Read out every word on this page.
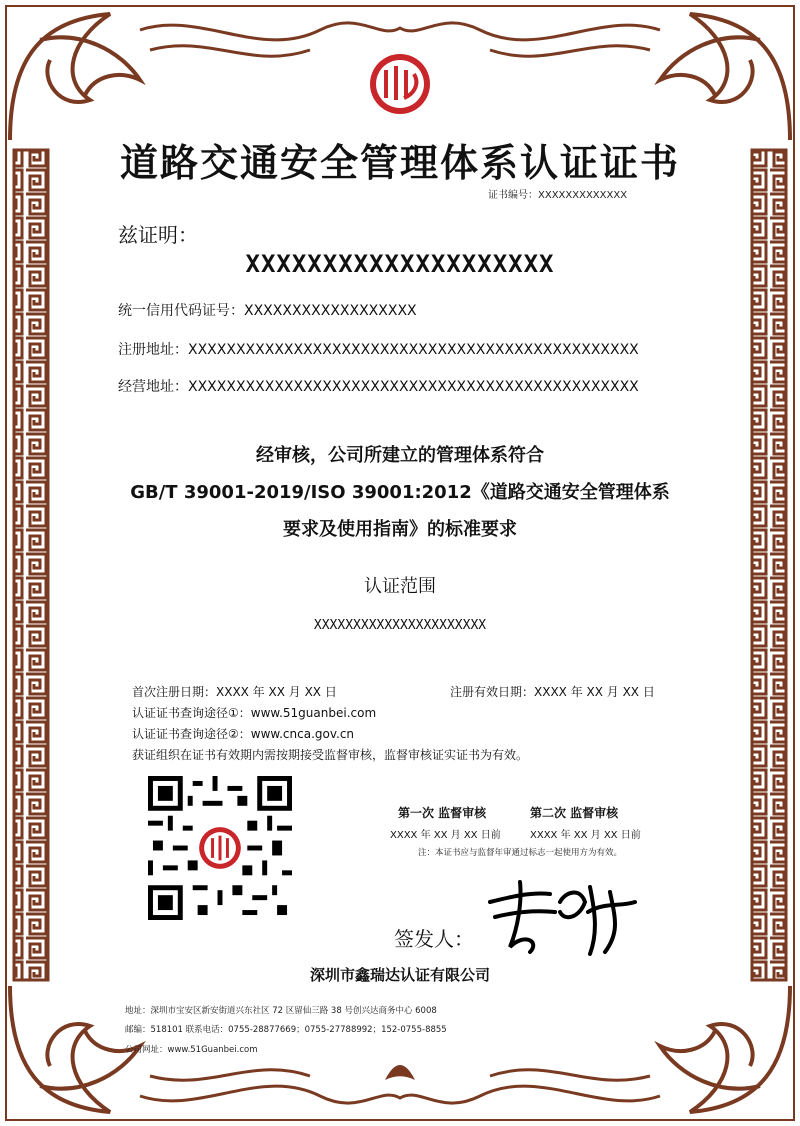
道路交通安全管理体系认证证书
证书编号：XXXXXXXXXXXXX
兹证明：
XXXXXXXXXXXXXXXXXXXX
统一信用代码证号：XXXXXXXXXXXXXXXXXX
注册地址：XXXXXXXXXXXXXXXXXXXXXXXXXXXXXXXXXXXXXXXXXXXXXXX
经营地址：XXXXXXXXXXXXXXXXXXXXXXXXXXXXXXXXXXXXXXXXXXXXXXX
经审核，公司所建立的管理体系符合
GB/T 39001-2019/ISO 39001:2012《道路交通安全管理体系
要求及使用指南》的标准要求
认证范围
XXXXXXXXXXXXXXXXXXXXXX
首次注册日期：XXXX 年 XX 月 XX 日	注册有效日期：XXXX 年 XX 月 XX 日
认证证书查询途径①：www.51guanbei.com
认证证书查询途径②：www.cnca.gov.cn
获证组织在证书有效期内需按期接受监督审核，监督审核证实证书为有效。
第一次 监督审核	第二次 监督审核
XXXX 年 XX 月 XX 日前	XXXX 年 XX 月 XX 日前
注：本证书应与监督年审通过标志一起使用方为有效。
签发人：
深圳市鑫瑞达认证有限公司
地址：深圳市宝安区新安街道兴东社区 72 区留仙三路 38 号创兴达商务中心 6008
邮编：518101 联系电话：0755-28877669；0755-27788992；152-0755-8855
公司网址：www.51Guanbei.com
